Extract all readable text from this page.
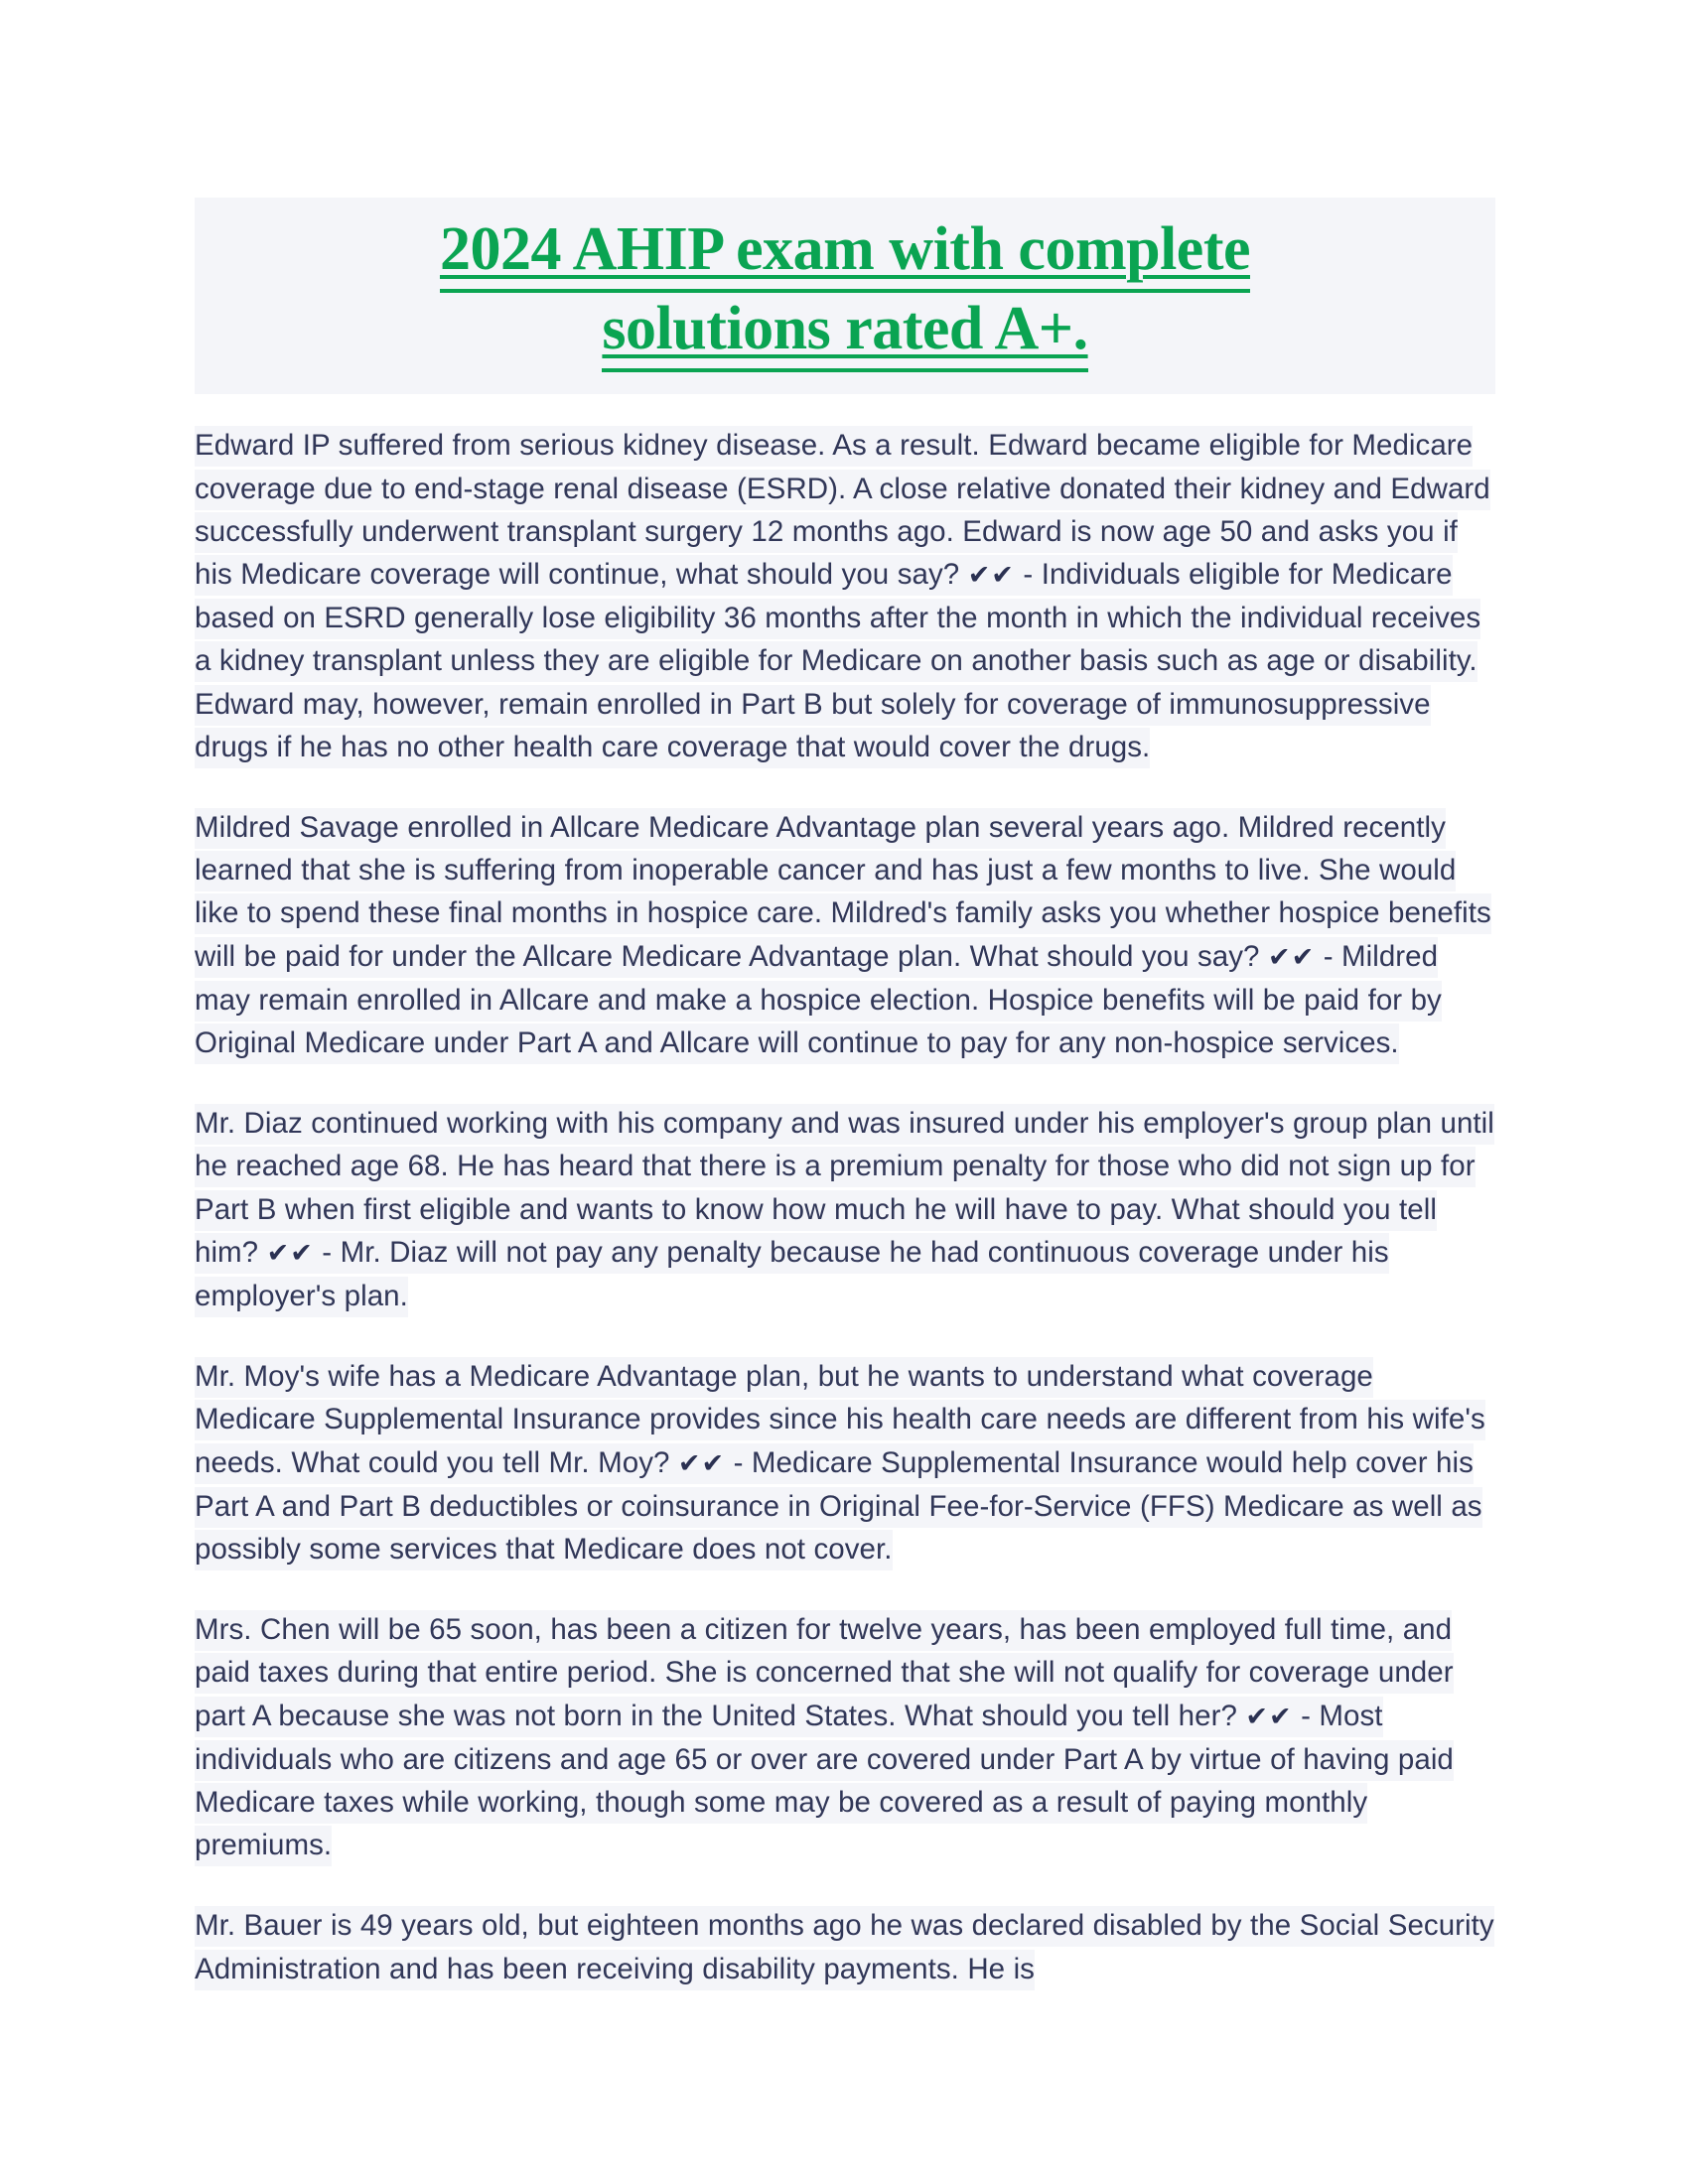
2024 AHIP exam with complete
solutions rated A+.

Edward IP suffered from serious kidney disease. As a result. Edward became eligible for Medicare coverage due to end-stage renal disease (ESRD). A close relative donated their kidney and Edward successfully underwent transplant surgery 12 months ago. Edward is now age 50 and asks you if his Medicare coverage will continue, what should you say? ✔✔ - Individuals eligible for Medicare based on ESRD generally lose eligibility 36 months after the month in which the individual receives a kidney transplant unless they are eligible for Medicare on another basis such as age or disability. Edward may, however, remain enrolled in Part B but solely for coverage of immunosuppressive drugs if he has no other health care coverage that would cover the drugs.

Mildred Savage enrolled in Allcare Medicare Advantage plan several years ago. Mildred recently learned that she is suffering from inoperable cancer and has just a few months to live. She would like to spend these final months in hospice care. Mildred's family asks you whether hospice benefits will be paid for under the Allcare Medicare Advantage plan. What should you say? ✔✔ - Mildred may remain enrolled in Allcare and make a hospice election. Hospice benefits will be paid for by Original Medicare under Part A and Allcare will continue to pay for any non-hospice services.

Mr. Diaz continued working with his company and was insured under his employer's group plan until he reached age 68. He has heard that there is a premium penalty for those who did not sign up for Part B when first eligible and wants to know how much he will have to pay. What should you tell him? ✔✔ - Mr. Diaz will not pay any penalty because he had continuous coverage under his employer's plan.

Mr. Moy's wife has a Medicare Advantage plan, but he wants to understand what coverage Medicare Supplemental Insurance provides since his health care needs are different from his wife's needs. What could you tell Mr. Moy? ✔✔ - Medicare Supplemental Insurance would help cover his Part A and Part B deductibles or coinsurance in Original Fee-for-Service (FFS) Medicare as well as possibly some services that Medicare does not cover.

Mrs. Chen will be 65 soon, has been a citizen for twelve years, has been employed full time, and paid taxes during that entire period. She is concerned that she will not qualify for coverage under part A because she was not born in the United States. What should you tell her? ✔✔ - Most individuals who are citizens and age 65 or over are covered under Part A by virtue of having paid Medicare taxes while working, though some may be covered as a result of paying monthly premiums.

Mr. Bauer is 49 years old, but eighteen months ago he was declared disabled by the Social Security Administration and has been receiving disability payments. He is
